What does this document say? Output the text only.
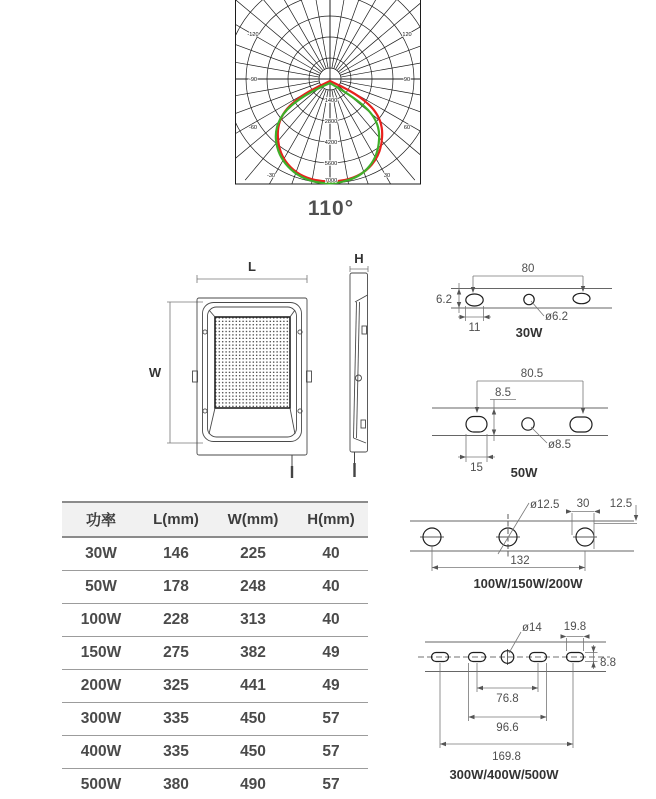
-120	120
-90	90
-60	60
-30	30
1400
2800
4200
5600
7000
110°
L
W
H
80
6.2
11
ø6.2
30W
80.5
8.5
15
ø8.5
50W
ø12.5 30 12.5
132
100W/150W/200W
ø14 19.8
8.8
76.8
96.6
169.8
300W/400W/500W
功率	L(mm)	W(mm)	H(mm)
30W	146	225	40
50W	178	248	40
100W	228	313	40
150W	275	382	49
200W	325	441	49
300W	335	450	57
400W	335	450	57
500W	380	490	57
